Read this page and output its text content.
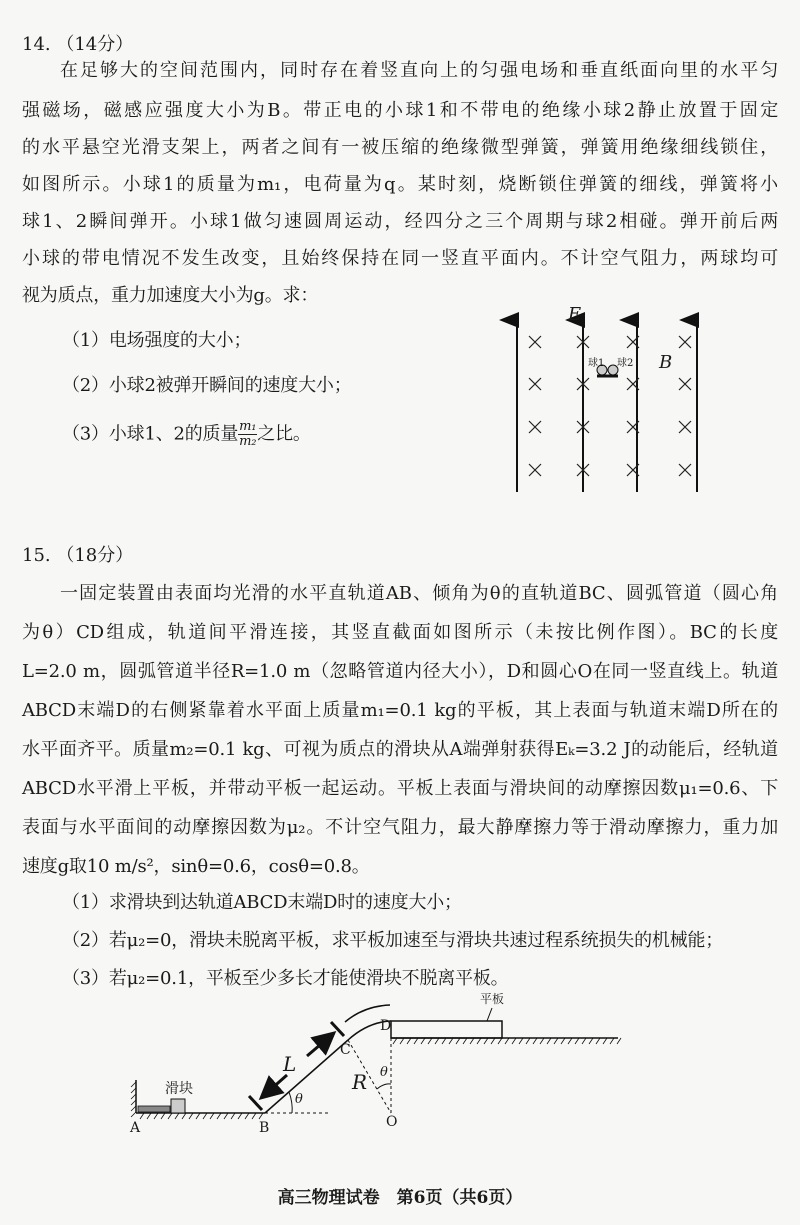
14. （14分）
在足够大的空间范围内，同时存在着竖直向上的匀强电场和垂直纸面向里的水平匀
强磁场，磁感应强度大小为B。带正电的小球1和不带电的绝缘小球2静止放置于固定
的水平悬空光滑支架上，两者之间有一被压缩的绝缘微型弹簧，弹簧用绝缘细线锁住，
如图所示。小球1的质量为m₁，电荷量为q。某时刻，烧断锁住弹簧的细线，弹簧将小
球1、2瞬间弹开。小球1做匀速圆周运动，经四分之三个周期与球2相碰。弹开前后两
小球的带电情况不发生改变，且始终保持在同一竖直平面内。不计空气阻力，两球均可
视为质点，重力加速度大小为g。求：
（1）电场强度的大小；
（2）小球2被弹开瞬间的速度大小；
（3）小球1、2的质量 $\frac{\text{m₁}}{\text{m₂}}$ 之比。
E
B
球1 球2
15. （18分）
一固定装置由表面均光滑的水平直轨道AB、倾角为θ的直轨道BC、圆弧管道（圆心角
为θ）CD组成，轨道间平滑连接，其竖直截面如图所示（未按比例作图）。BC的长度
L=2.0 m，圆弧管道半径R=1.0 m（忽略管道内径大小），D和圆心O在同一竖直线上。轨道
ABCD末端D的右侧紧靠着水平面上质量m₁=0.1 kg的平板，其上表面与轨道末端D所在的
水平面齐平。质量m₂=0.1 kg、可视为质点的滑块从A端弹射获得Eₖ=3.2 J的动能后，经轨道
ABCD水平滑上平板，并带动平板一起运动。平板上表面与滑块间的动摩擦因数μ₁=0.6、下
表面与水平面间的动摩擦因数为μ₂。不计空气阻力，最大静摩擦力等于滑动摩擦力，重力加
速度g取10 m/s²，sinθ=0.6，cosθ=0.8。
（1）求滑块到达轨道ABCD末端D时的速度大小；
（2）若μ₂=0，滑块未脱离平板，求平板加速至与滑块共速过程系统损失的机械能；
（3）若μ₂=0.1，平板至少多长才能使滑块不脱离平板。
滑块
平板
A	B
C
D
O
L
R
θ
θ
高三物理试卷　第6页（共6页）
